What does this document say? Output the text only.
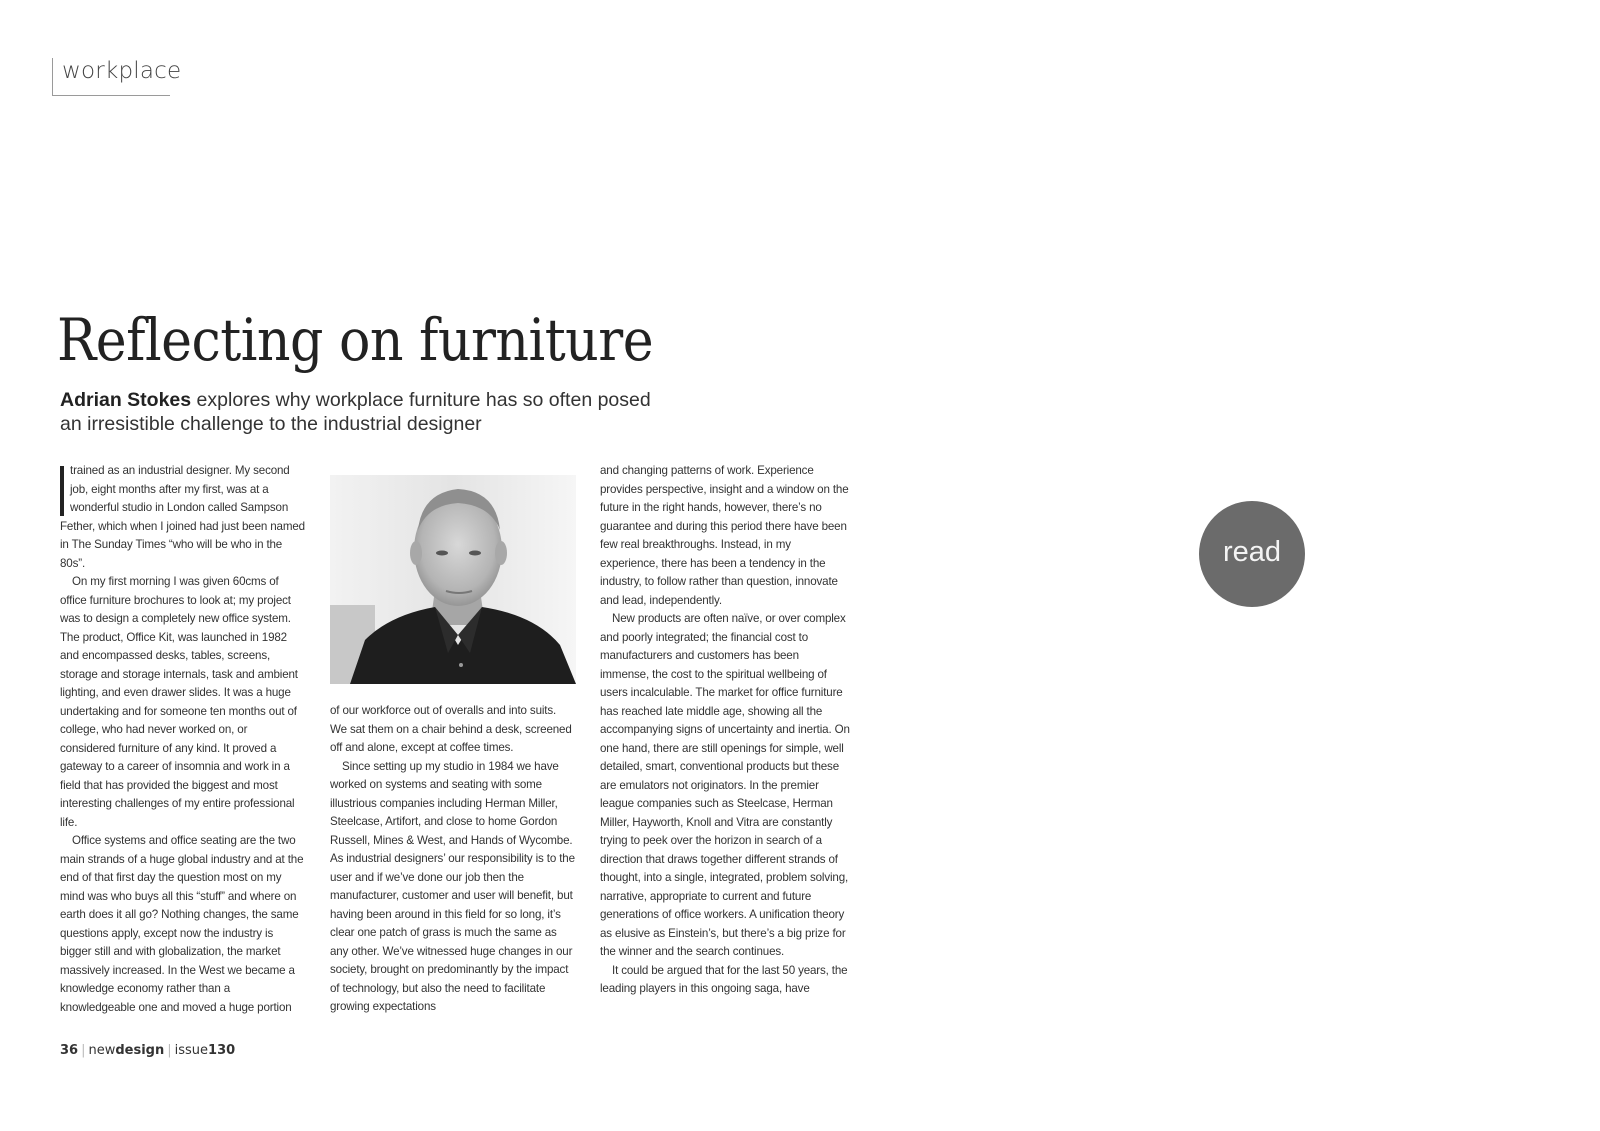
workplace
Reflecting on furniture

Adrian Stokes explores why workplace furniture has so often posed an irresistible challenge to the industrial designer

trained as an industrial designer. My second job, eight months after my first, was at a wonderful studio in London called Sampson Fether, which when I joined had just been named in The Sunday Times “who will be who in the 80s”.

On my first morning I was given 60cms of office furniture brochures to look at; my project was to design a completely new office system. The product, Office Kit, was launched in 1982 and encompassed desks, tables, screens, storage and storage internals, task and ambient lighting, and even drawer slides. It was a huge undertaking and for someone ten months out of college, who had never worked on, or considered furniture of any kind. It proved a gateway to a career of insomnia and work in a field that has provided the biggest and most interesting challenges of my entire professional life.

Office systems and office seating are the two main strands of a huge global industry and at the end of that first day the question most on my mind was who buys all this “stuff” and where on earth does it all go? Nothing changes, the same questions apply, except now the industry is bigger still and with globalization, the market massively increased. In the West we became a knowledge economy rather than a knowledgeable one and moved a huge portion

of our workforce out of overalls and into suits. We sat them on a chair behind a desk, screened off and alone, except at coffee times.

Since setting up my studio in 1984 we have worked on systems and seating with some illustrious companies including Herman Miller, Steelcase, Artifort, and close to home Gordon Russell, Mines & West, and Hands of Wycombe. As industrial designers’ our responsibility is to the user and if we’ve done our job then the manufacturer, customer and user will benefit, but having been around in this field for so long, it’s clear one patch of grass is much the same as any other. We’ve witnessed huge changes in our society, brought on predominantly by the impact of technology, but also the need to facilitate growing expectations

and changing patterns of work. Experience provides perspective, insight and a window on the future in the right hands, however, there’s no guarantee and during this period there have been few real breakthroughs. Instead, in my experience, there has been a tendency in the industry, to follow rather than question, innovate and lead, independently.

New products are often naïve, or over complex and poorly integrated; the financial cost to manufacturers and customers has been immense, the cost to the spiritual wellbeing of users incalculable. The market for office furniture has reached late middle age, showing all the accompanying signs of uncertainty and inertia. On one hand, there are still openings for simple, well detailed, smart, conventional products but these are emulators not originators. In the premier league companies such as Steelcase, Herman Miller, Hayworth, Knoll and Vitra are constantly trying to peek over the horizon in search of a direction that draws together different strands of thought, into a single, integrated, problem solving, narrative, appropriate to current and future generations of office workers. A unification theory as elusive as Einstein’s, but there’s a big prize for the winner and the search continues.

It could be argued that for the last 50 years, the leading players in this ongoing saga, have

36 | newdesign | issue130
read
